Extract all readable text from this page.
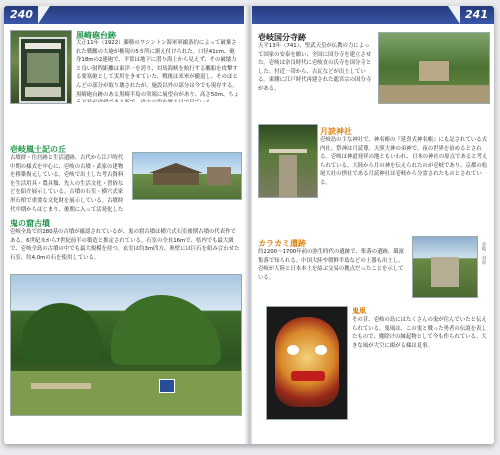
240
黒崎砲台跡
大正11年（1922）藤勝のワシントン海軍軍縮条約によって破棄された戦艦の大砲が権現の5カ所に据え付けられた。口径41cm、砲身18mの2連砲で、平常は地下に潜り海上から見えず、その破壊力と良い射程距離は東洋一を誇り、対馬海峡を航行する艦船を攻撃する要塞砲として実用をきせていた。戦後は米軍が撤退し、そのほとんどの部分が取り壊されたが、施設以外の部分は今でも現存する。黒崎砲台跡のある黒崎半島の突端に展望台があり、高さ50m、ちょ
壱岐風土記の丘
古墳群・住居跡と生活遺跡、古代から江戸時代中期の様式を中心に、壱岐の古墳・武家の建物を移築復元している。壱岐で出土した考古資料を生活用具・農具類、先人の生活文化・習俗などを紹介展示している。古墳の石室・横穴式家形石棺で重要な文化財を展示している。古墳時代中期からはじまり、後期に入って活発化した
鬼の窟古墳
壱岐全島で約280基の古墳が確認されているが、鬼の窟古墳は横穴式石室後期古墳の代表作である。6世紀末から7世紀前半の築造と推定されている。石室の全長16mで、県内でも最大級で、壱岐全島の古墳の中でも最大規模を持つ。玄室は約3m四方、奥壁には巨石を組み合わせた石室、約4.0mの石を使用している。
241
壱岐国分寺跡
天平13年（741）、聖武天皇が仏教の力によって国家の安泰を願い、全国に国分寺を建立させた。壱岐は奈良時代に壱岐直の氏寺を国分寺とした。付近一帯から、古瓦などが出土している。東側に江戸時代再建された龍宮宗の国分寺がある。
月読神社
壱岐島の主な神社で、神名帳の『延喜式神名帳』にも記されている式内社。祭神は月読尊。天照大神の弟神で、夜の世界を治めるとされる。壱岐は神道発祥の地ともいわれ、日本の神社の原点であると考えられている。大陸から月の神を伝えられたのが壱岐であり、京都の松尾大社の摂社である月読神社は壱岐から分霊されたものとされている。
カラカミ遺跡
約2200～1700年前の弥生時代の遺跡で、集落の遺跡、環濠集落で知られる。中国大陸や朝鮮半島などの土器も出土し、壱岐が大陸と日本本土を結ぶ交易の拠点だったことを示している。
壱岐・対馬
鬼凧
その昔、壱岐の島にはたくさんの鬼が住んでいたと伝えられている。鬼凧は、この鬼と戦った勇者の伝説を表したもので、魔除けの縁起物として今も作られている。大きな凧が大空に揚がる様は見事。
